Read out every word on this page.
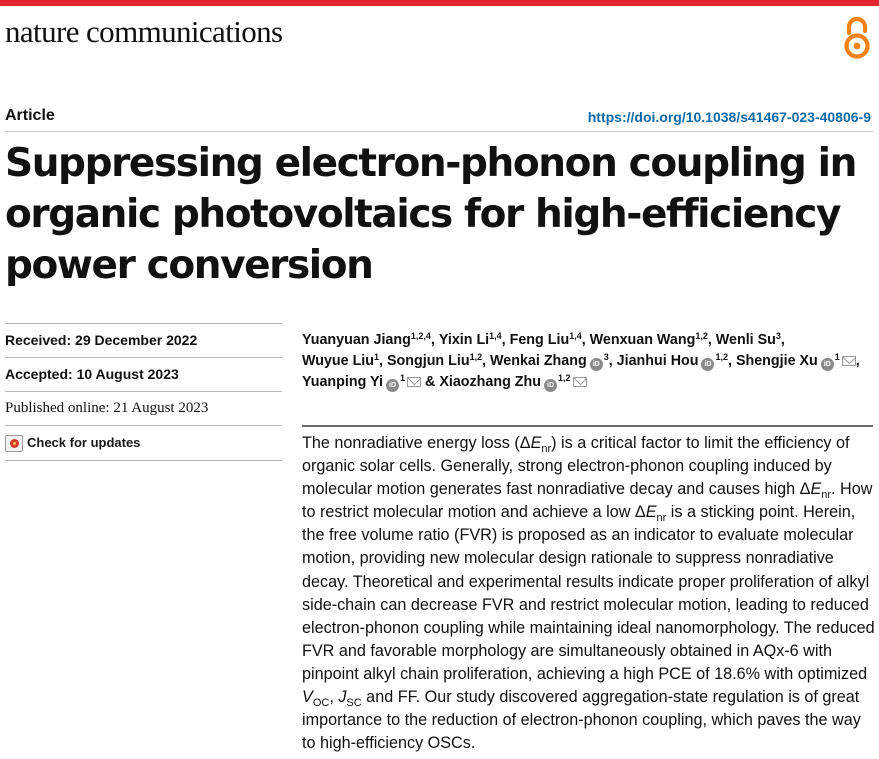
nature communications
Article	https://doi.org/10.1038/s41467-023-40806-9
Suppressing electron-phonon coupling in organic photovoltaics for high-efficiency power conversion
Received: 29 December 2022
Accepted: 10 August 2023
Published online: 21 August 2023
Check for updates
Yuanyuan Jiang$^{1,2,4}$, Yixin Li$^{1,4}$, Feng Liu$^{1,4}$, Wenxuan Wang$^{1,2}$, Wenli Su$^3$,
Wuyue Liu$^1$, Songjun Liu$^{1,2}$, Wenkai Zhang $iD^3$, Jianhui Hou iD$^{1,2}$, Shengjie Xu $iD^1$ ,
Yuanping Yi $iD^1$ & Xiaozhang Zhu iD$^{1,2}$

The nonradiative energy loss $(\Delta E_{nr})$ is a critical factor to limit the efficiency of organic solar cells. Generally, strong electron-phonon coupling induced by molecular motion generates fast nonradiative decay and causes high $\Delta E_{nr}$. How to restrict molecular motion and achieve a low $\Delta E_{nr}$ is a sticking point. Herein, the free volume ratio (FVR) is proposed as an indicator to evaluate molecular motion, providing new molecular design rationale to suppress nonradiative decay. Theoretical and experimental results indicate proper proliferation of alkyl side-chain can decrease FVR and restrict molecular motion, leading to reduced electron-phonon coupling while maintaining ideal nanomorphology. The reduced FVR and favorable morphology are simultaneously obtained in AQx-6 with pinpoint alkyl chain proliferation, achieving a high PCE of 18.6% with optimized $V_{OC}$, $J_{SC}$ and FF. Our study discovered aggregation-state regulation is of great importance to the reduction of electron-phonon coupling, which paves the way to high-efficiency OSCs.
